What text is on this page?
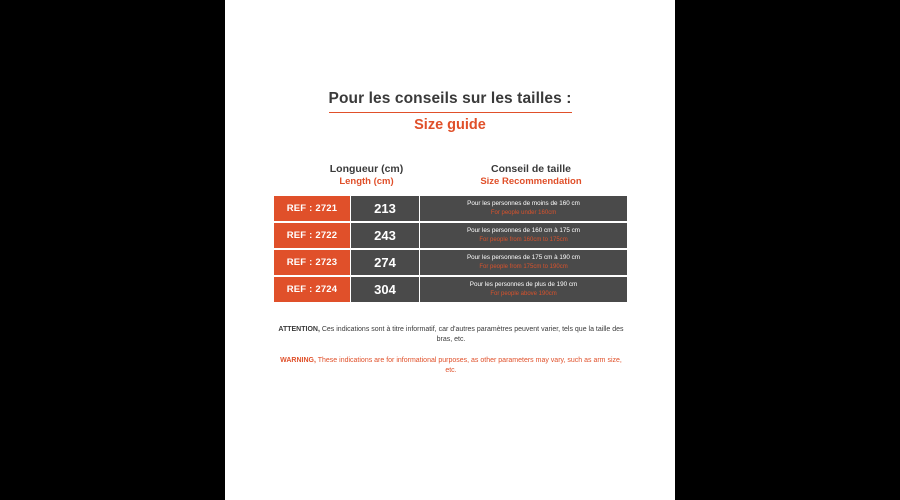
Pour les conseils sur les tailles :
Size guide
Longueur (cm)
Length (cm)
Conseil de taille
Size Recommendation
REF : 2721	213	Pour les personnes de moins de 160 cm
For people under 160cm
REF : 2722	243	Pour les personnes de 160 cm à 175 cm
For people from 160cm to 175cm
REF : 2723	274	Pour les personnes de 175 cm à 190 cm
For people from 175cm to 190cm
REF : 2724	304	Pour les personnes de plus de 190 cm
For people above 190cm
ATTENTION, Ces indications sont à titre informatif, car d'autres paramètres peuvent varier, tels que la taille des bras, etc.
WARNING, These indications are for informational purposes, as other parameters may vary, such as arm size, etc.
